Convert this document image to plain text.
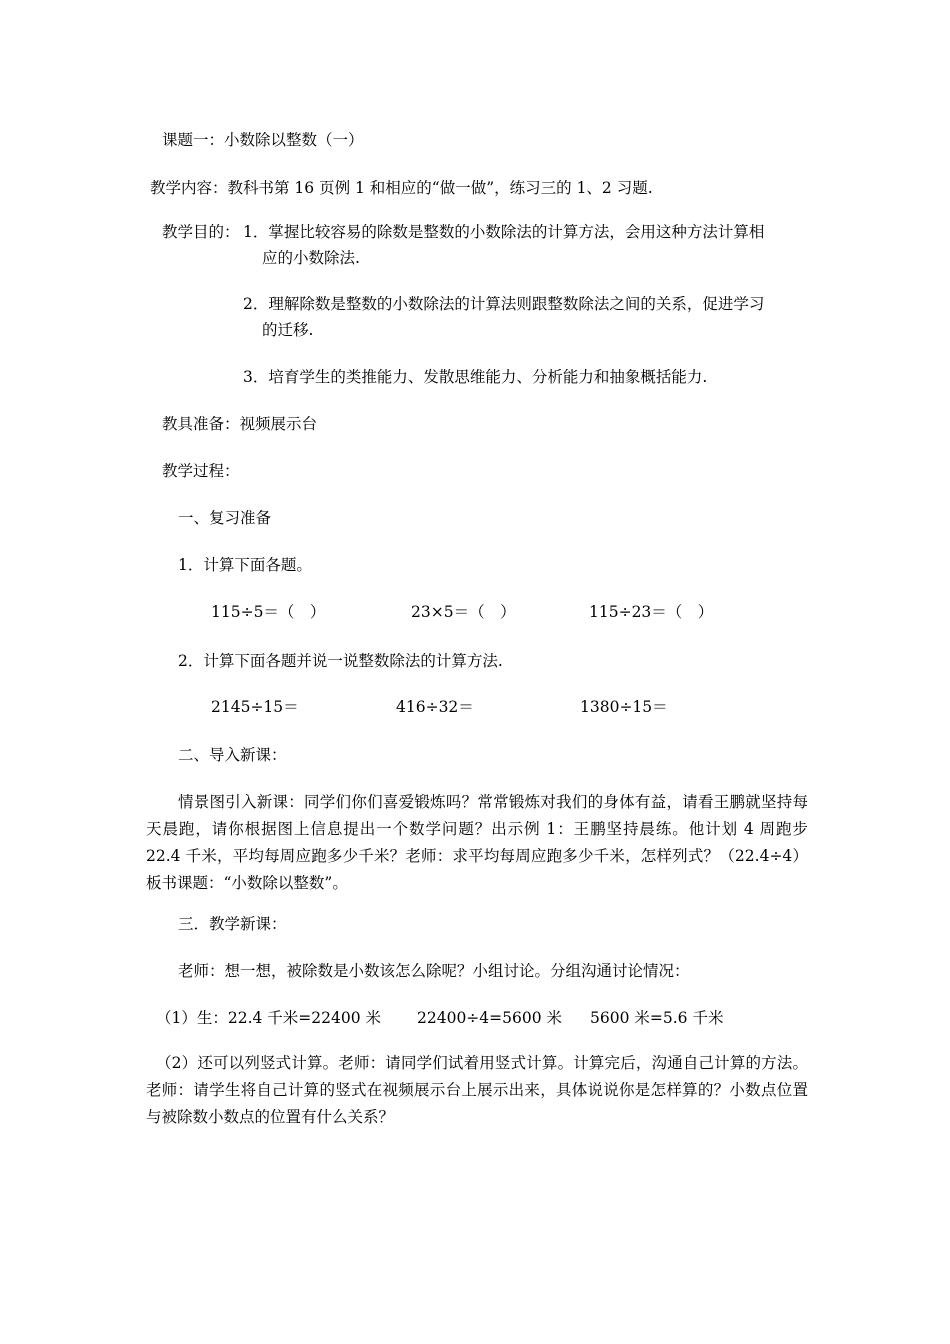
课题一：小数除以整数（一）
教学内容：教科书第 16 页例 1 和相应的“做一做”，练习三的 1、2 习题.
教学目的： 1．掌握比较容易的除数是整数的小数除法的计算方法，会用这种方法计算相
应的小数除法.
2．理解除数是整数的小数除法的计算法则跟整数除法之间的关系，促进学习
的迁移.
3．培育学生的类推能力、发散思维能力、分析能力和抽象概括能力.
教具准备：视频展示台
教学过程：
一、复习准备
1．计算下面各题。
115÷5＝（　）	23×5＝（　）	115÷23＝（　）
2．计算下面各题并说一说整数除法的计算方法.
2145÷15＝	416÷32＝	1380÷15＝
二、导入新课：
情景图引入新课：同学们你们喜爱锻炼吗？常常锻炼对我们的身体有益，请看王鹏就坚持每天晨跑，请你根据图上信息提出一个数学问题？出示例 1：王鹏坚持晨练。他计划 4 周跑步 22.4 千米，平均每周应跑多少千米？老师：求平均每周应跑多少千米，怎样列式？（22.4÷4）板书课题：“小数除以整数”。
三．教学新课：
老师：想一想，被除数是小数该怎么除呢？小组讨论。分组沟通讨论情况：
（1）生：22.4 千米=22400 米 22400÷4=5600 米 5600 米=5.6 千米
（2）还可以列竖式计算。老师：请同学们试着用竖式计算。计算完后，沟通自己计算的方法。老师：请学生将自己计算的竖式在视频展示台上展示出来，具体说说你是怎样算的？小数点位置与被除数小数点的位置有什么关系？
